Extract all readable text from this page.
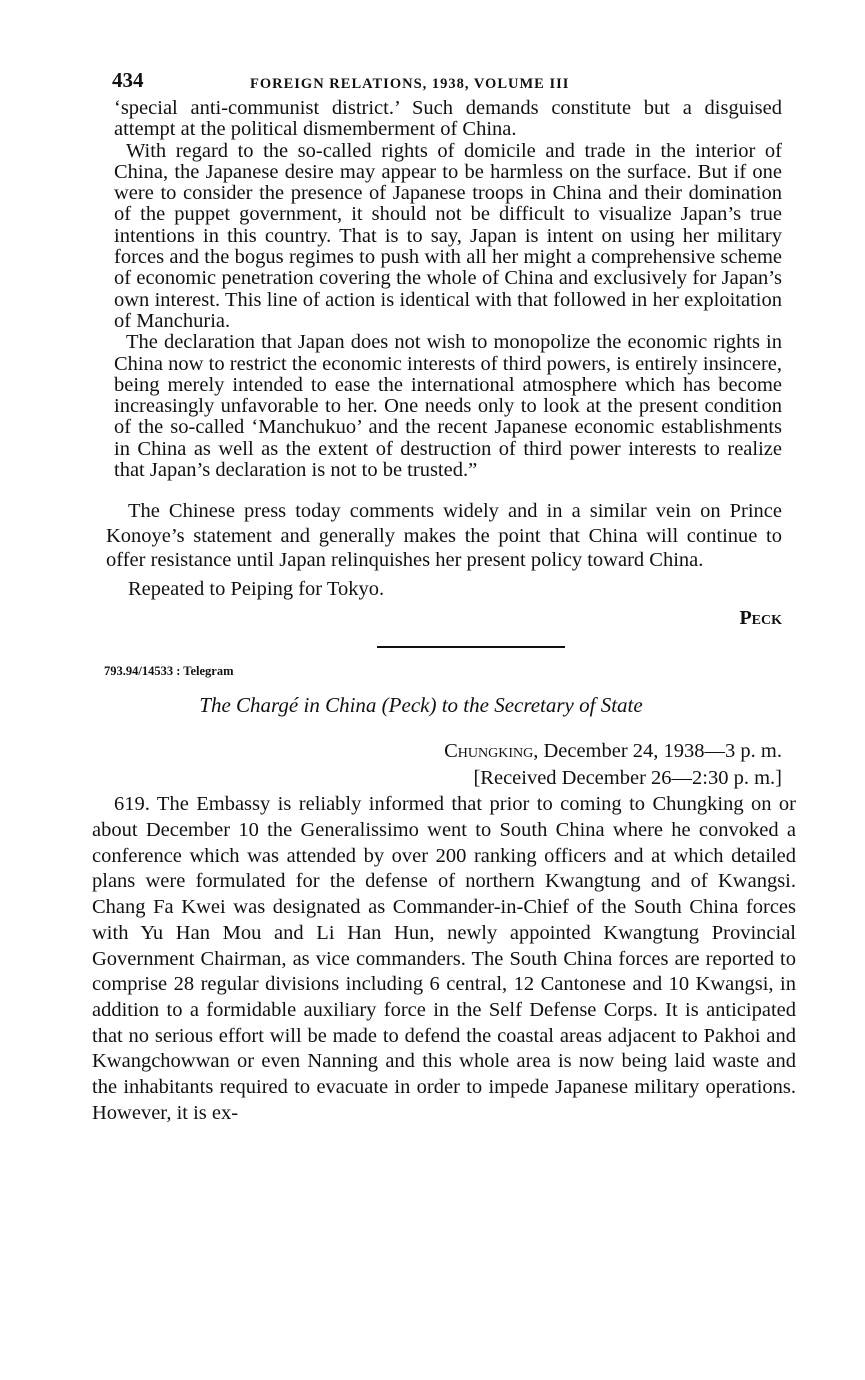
434	FOREIGN RELATIONS, 1938, VOLUME III

‘special anti-communist district.’ Such demands constitute but a disguised attempt at the political dismemberment of China.

With regard to the so-called rights of domicile and trade in the interior of China, the Japanese desire may appear to be harmless on the surface. But if one were to consider the presence of Japanese troops in China and their domination of the puppet government, it should not be difficult to visualize Japan’s true intentions in this country. That is to say, Japan is intent on using her military forces and the bogus regimes to push with all her might a comprehensive scheme of economic penetration covering the whole of China and exclusively for Japan’s own interest. This line of action is identical with that followed in her exploitation of Manchuria.

The declaration that Japan does not wish to monopolize the economic rights in China now to restrict the economic interests of third powers, is entirely insincere, being merely intended to ease the international atmosphere which has become increasingly unfavorable to her. One needs only to look at the present condition of the so-called ‘Manchukuo’ and the recent Japanese economic establishments in China as well as the extent of destruction of third power interests to realize that Japan’s declaration is not to be trusted.”

The Chinese press today comments widely and in a similar vein on Prince Konoye’s statement and generally makes the point that China will continue to offer resistance until Japan relinquishes her present policy toward China.

Repeated to Peiping for Tokyo.

Peck
793.94/14533 : Telegram
The Chargé in China (Peck) to the Secretary of State
Chungking, December 24, 1938—3 p. m.
[Received December 26—2:30 p. m.]

619. The Embassy is reliably informed that prior to coming to Chungking on or about December 10 the Generalissimo went to South China where he convoked a conference which was attended by over 200 ranking officers and at which detailed plans were formulated for the defense of northern Kwangtung and of Kwangsi. Chang Fa Kwei was designated as Commander-in-Chief of the South China forces with Yu Han Mou and Li Han Hun, newly appointed Kwangtung Provincial Government Chairman, as vice commanders. The South China forces are reported to comprise 28 regular divisions including 6 central, 12 Cantonese and 10 Kwangsi, in addition to a formidable auxiliary force in the Self Defense Corps. It is anticipated that no serious effort will be made to defend the coastal areas adjacent to Pakhoi and Kwangchowwan or even Nanning and this whole area is now being laid waste and the inhabitants required to evacuate in order to impede Japanese military operations. However, it is ex-
